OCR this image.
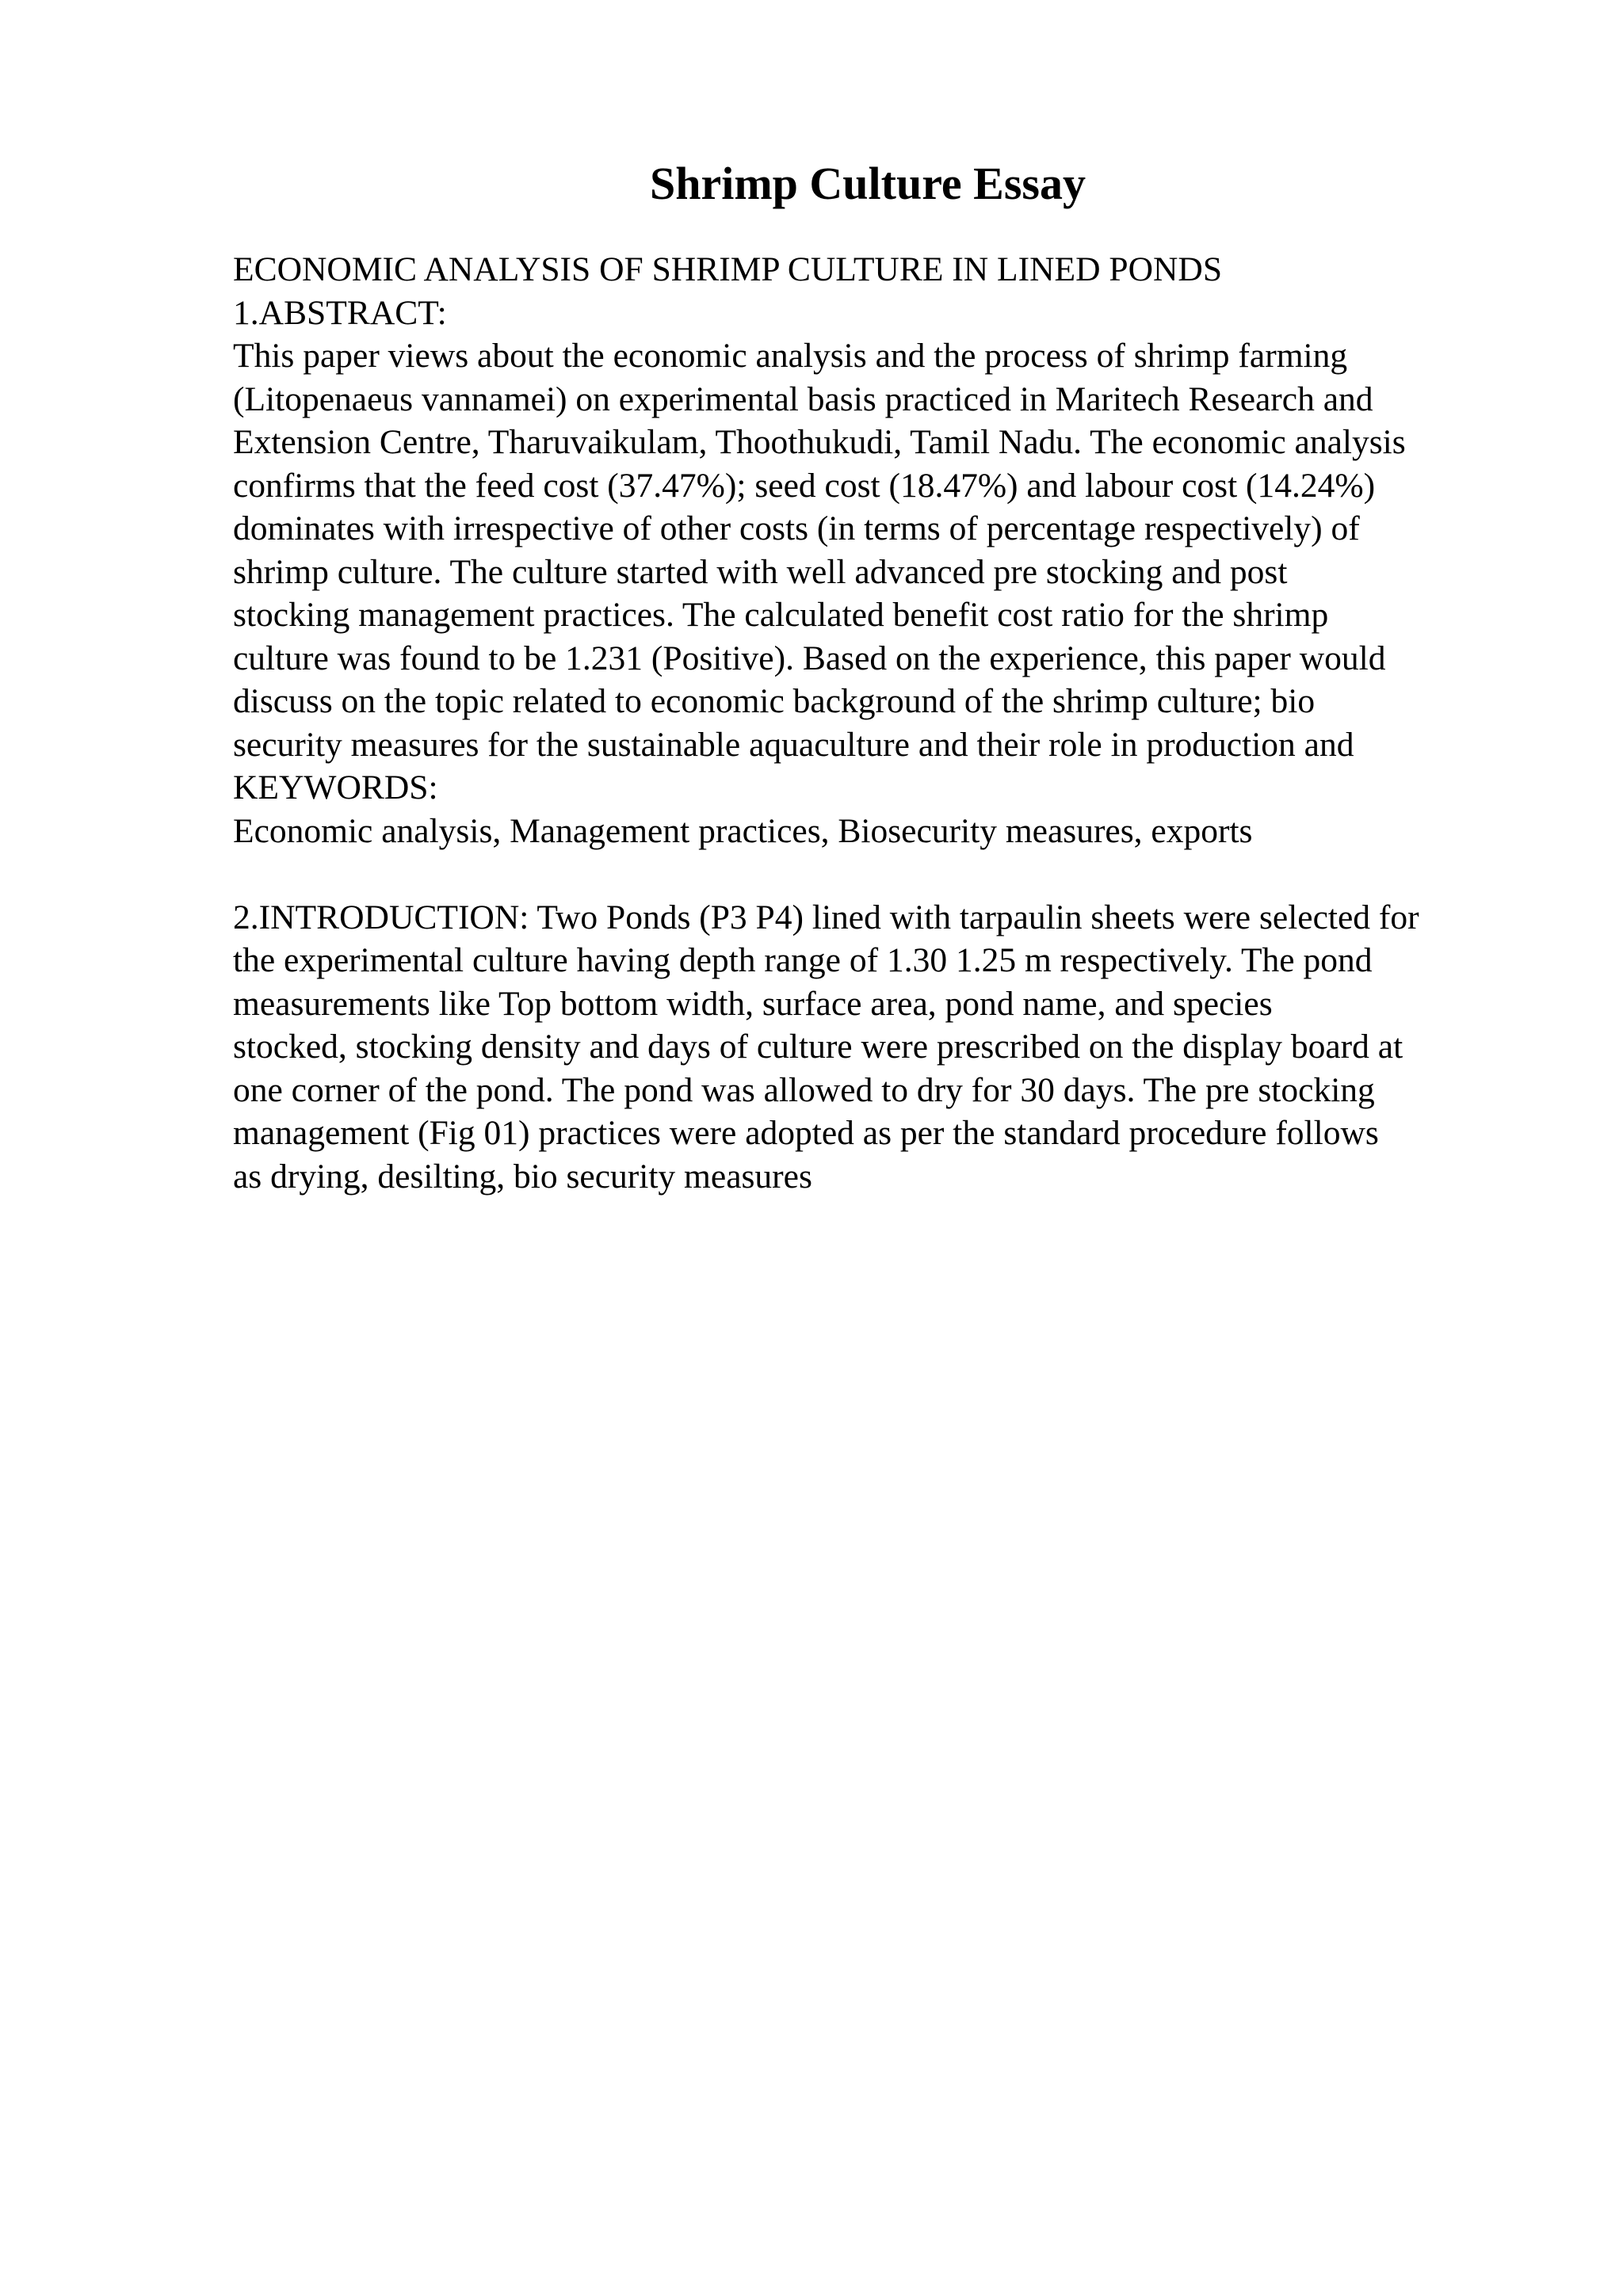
Shrimp Culture Essay
ECONOMIC ANALYSIS OF SHRIMP CULTURE IN LINED PONDS
1.ABSTRACT:
This paper views about the economic analysis and the process of shrimp farming
(Litopenaeus vannamei) on experimental basis practiced in Maritech Research and
Extension Centre, Tharuvaikulam, Thoothukudi, Tamil Nadu. The economic analysis
confirms that the feed cost (37.47%); seed cost (18.47%) and labour cost (14.24%)
dominates with irrespective of other costs (in terms of percentage respectively) of
shrimp culture. The culture started with well advanced pre stocking and post
stocking management practices. The calculated benefit cost ratio for the shrimp
culture was found to be 1.231 (Positive). Based on the experience, this paper would
discuss on the topic related to economic background of the shrimp culture; bio
security measures for the sustainable aquaculture and their role in production and
KEYWORDS:
Economic analysis, Management practices, Biosecurity measures, exports
2.INTRODUCTION: Two Ponds (P3 P4) lined with tarpaulin sheets were selected for
the experimental culture having depth range of 1.30 1.25 m respectively. The pond
measurements like Top bottom width, surface area, pond name, and species
stocked, stocking density and days of culture were prescribed on the display board at
one corner of the pond. The pond was allowed to dry for 30 days. The pre stocking
management (Fig 01) practices were adopted as per the standard procedure follows
as drying, desilting, bio security measures
